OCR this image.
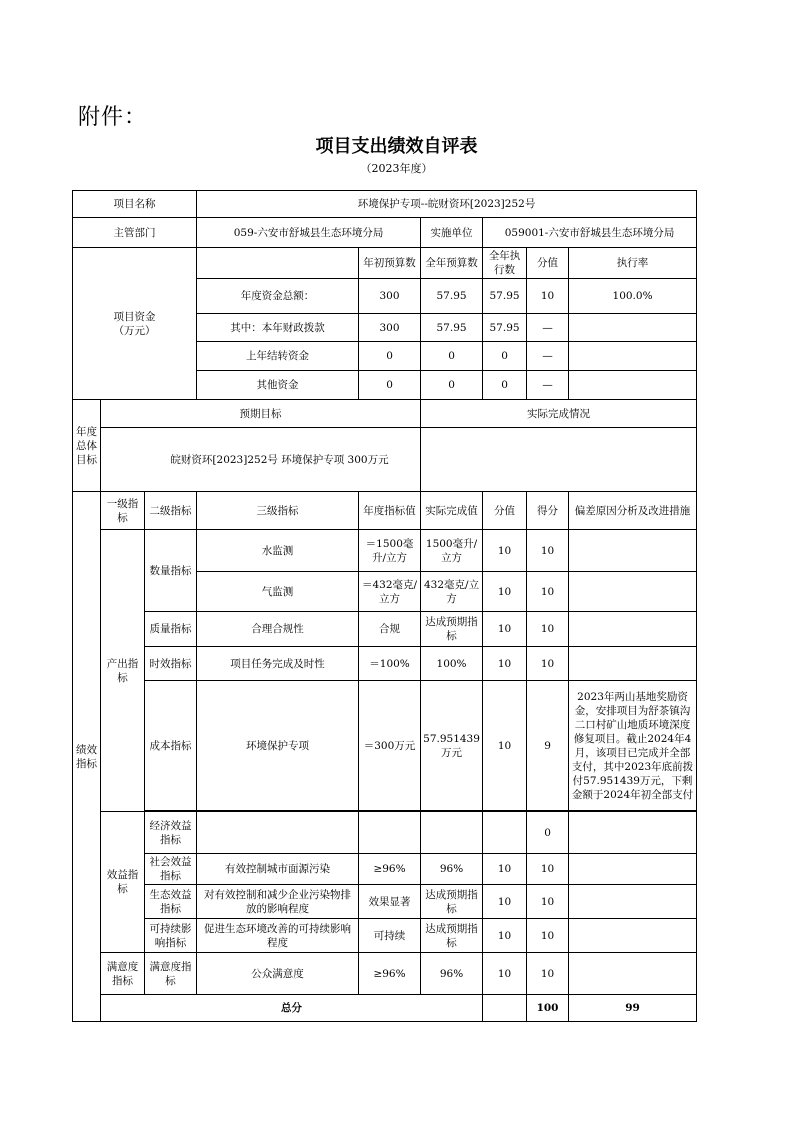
附件：
项目支出绩效自评表
（2023年度）
项目名称			环境保护专项--皖财资环[2023]252号						
主管部门			059-六安市舒城县生态环境分局		实施单位	059001-六安市舒城县生态环境分局			
项目资金
（万元）				年初预算数	全年预算数	全年执行数	分值	执行率	
			年度资金总额：	300	57.95	57.95	10	100.0%	
			其中：本年财政拨款	300	57.95	57.95	—		
			上年结转资金	0	0	0	—		
			其他资金	0	0	0	—		
年度总体目标	预期目标				实际完成情况				
	皖财资环[2023]252号 环境保护专项 300万元								
绩效指标	一级指标	二级指标	三级指标	年度指标值	实际完成值	分值	得分	偏差原因分析及改进措施	
	产出指标	数量指标	水监测	＝1500毫升/立方	1500毫升/立方	10	10		
			气监测	＝432毫克/立方	432毫克/立方	10	10		
		质量指标	合理合规性	合规	达成预期指标	10	10		
		时效指标	项目任务完成及时性	＝100%	100%	10	10		
		成本指标	环境保护专项	＝300万元	57.951439万元	10	9	2023年两山基地奖励资金，安排项目为舒茶镇沟二口村矿山地质环境深度修复项目。截止2024年4月，该项目已完成并全部支付，其中2023年底前拨付57.951439万元，下剩金额于2024年初全部支付	

	效益指标	经济效益指标					0		
		社会效益指标	有效控制城市面源污染	≥96%	96%	10	10		
		生态效益指标	对有效控制和减少企业污染物排放的影响程度	效果显著	达成预期指标	10	10		
		可持续影响指标	促进生态环境改善的可持续影响程度	可持续	达成预期指标	10	10		
	满意度指标	满意度指标	公众满意度	≥96%	96%	10	10		
	总分						100	99	
